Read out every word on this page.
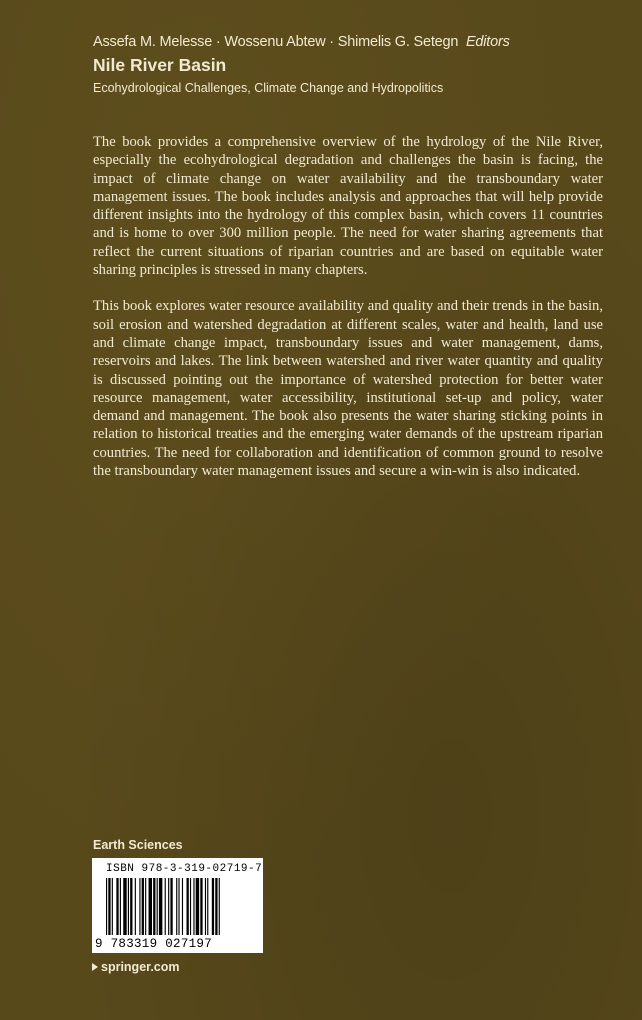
Assefa M. Melesse · Wossenu Abtew · Shimelis G. Setegn Editors
Nile River Basin
Ecohydrological Challenges, Climate Change and Hydropolitics

The book provides a comprehensive overview of the hydrology of the Nile River, especially the ecohydrological degradation and challenges the basin is facing, the impact of climate change on water availability and the transboundary water management issues. The book includes analysis and approaches that will help provide different insights into the hydrology of this complex basin, which covers 11 countries and is home to over 300 million people. The need for water sharing agreements that reflect the current situations of riparian countries and are based on equitable water sharing principles is stressed in many chapters.

This book explores water resource availability and quality and their trends in the basin, soil erosion and watershed degradation at different scales, water and health, land use and climate change impact, transboundary issues and water management, dams, reservoirs and lakes. The link between watershed and river water quantity and quality is discussed pointing out the importance of watershed protection for better water resource management, water accessibility, institutional set-up and policy, water demand and management. The book also presents the water sharing sticking points in relation to historical treaties and the emerging water demands of the upstream riparian countries. The need for collaboration and identification of common ground to resolve the transboundary water management issues and secure a win-win is also indicated.

Earth Sciences
ISBN 978-3-319-02719-7
9 783319 027197
springer.com
